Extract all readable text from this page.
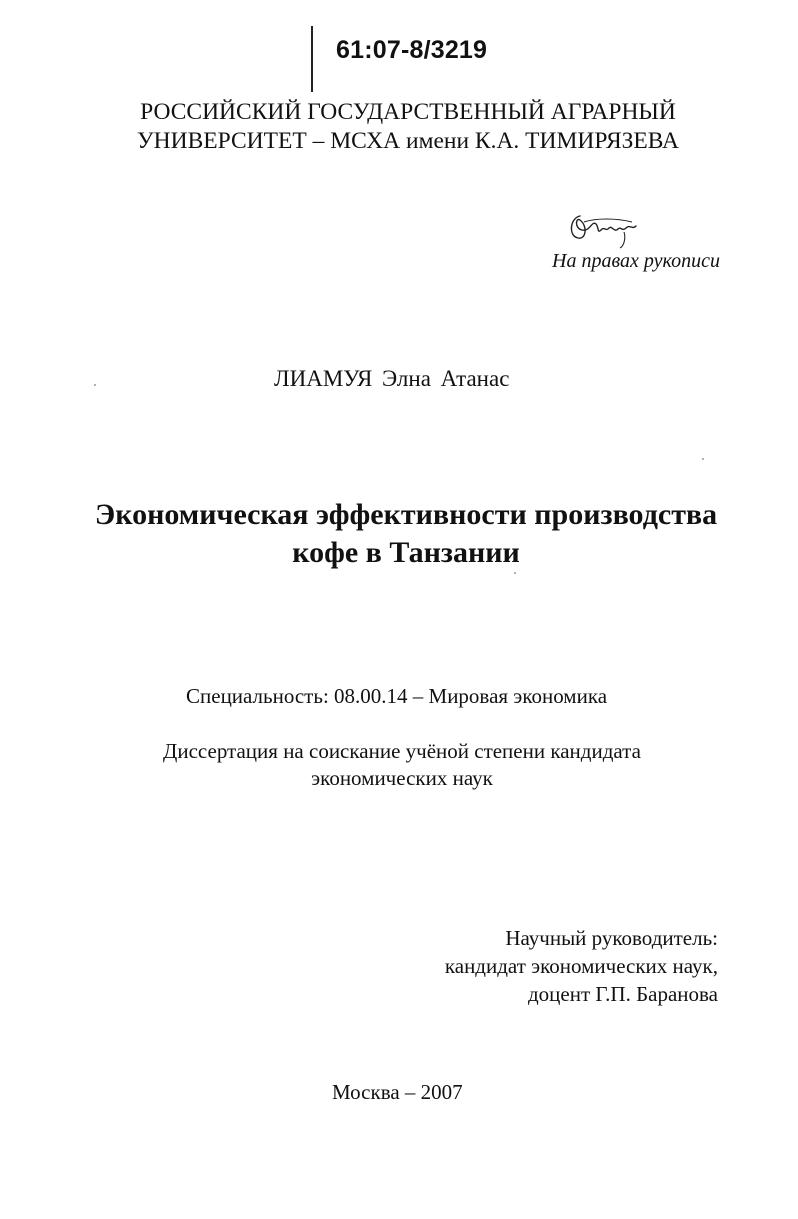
61:07-8/3219
РОССИЙСКИЙ ГОСУДАРСТВЕННЫЙ АГРАРНЫЙ
УНИВЕРСИТЕТ – МСХА имени К.А. ТИМИРЯЗЕВА
На правах рукописи
ЛИАМУЯ Элна Атанас
Экономическая эффективности производства
кофе в Танзании
Специальность: 08.00.14 – Мировая экономика
Диссертация на соискание учёной степени кандидата
экономических наук
Научный руководитель:
кандидат экономических наук,
доцент Г.П. Баранова
Москва – 2007
